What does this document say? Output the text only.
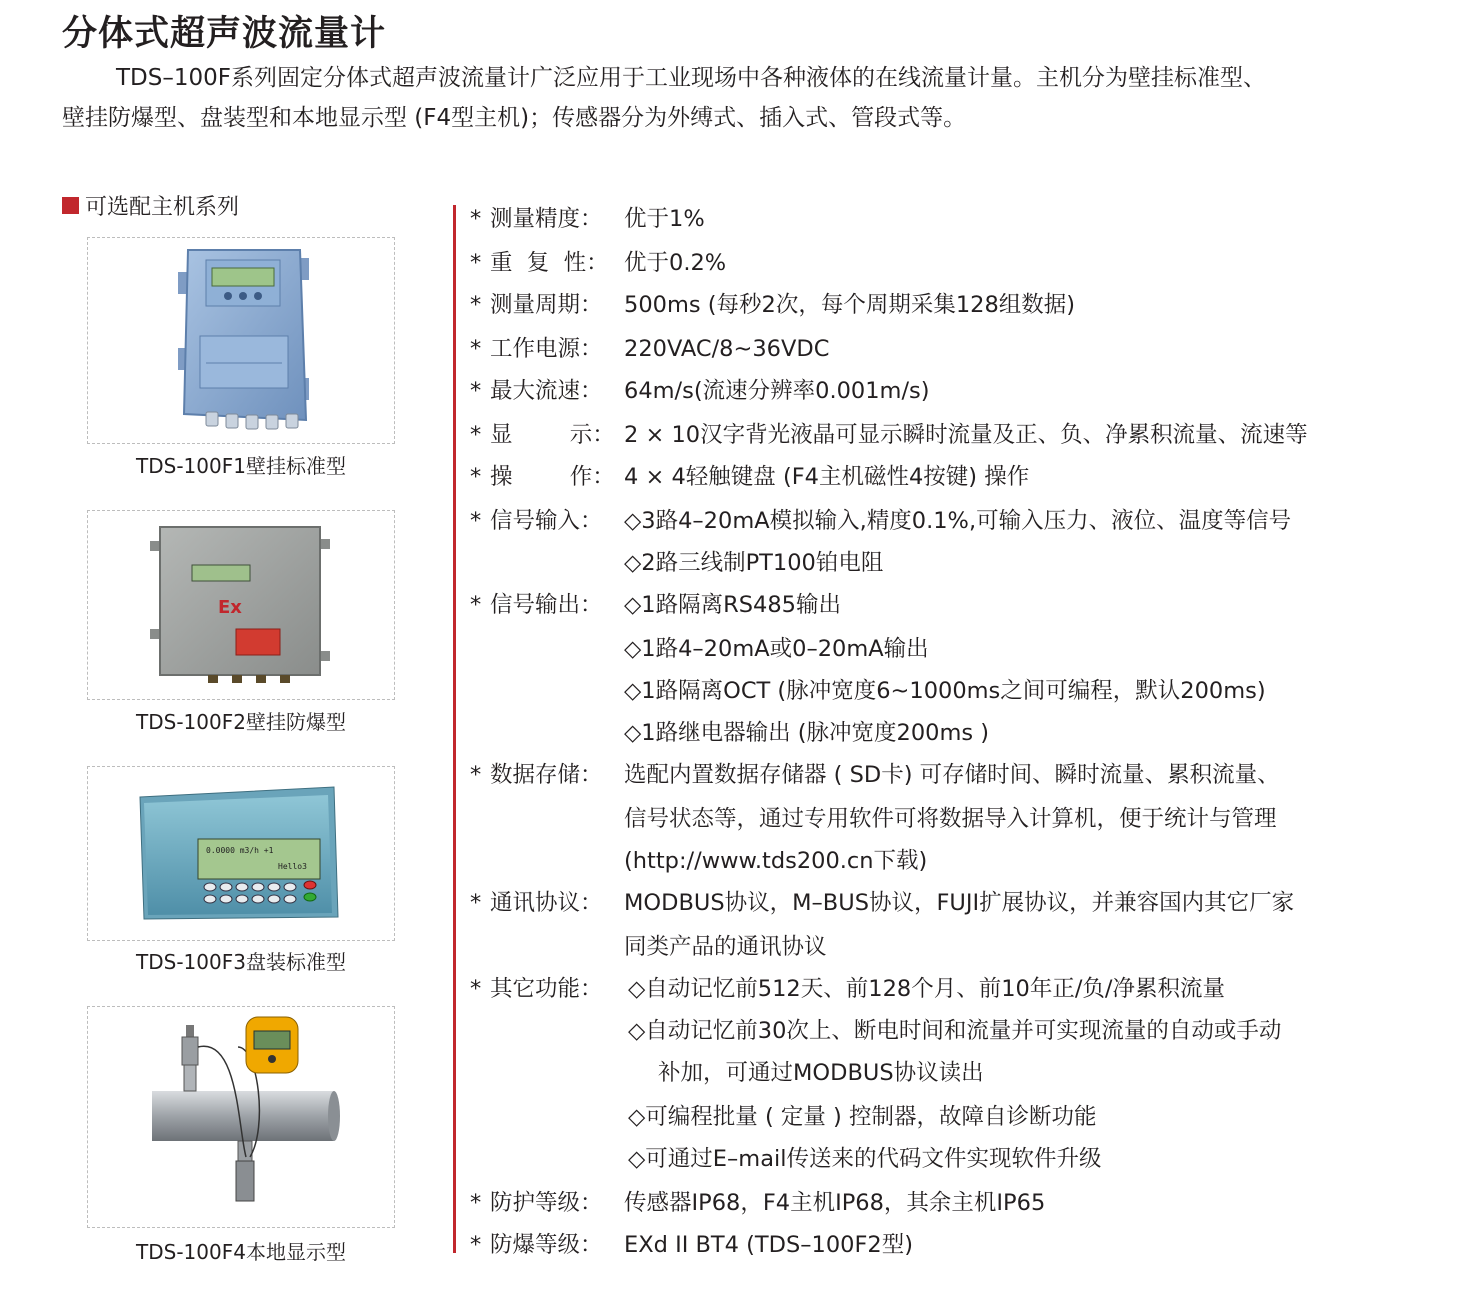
分体式超声波流量计

TDS–100F系列固定分体式超声波流量计广泛应用于工业现场中各种液体的在线流量计量。主机分为壁挂标准型、
壁挂防爆型、盘装型和本地显示型 (F4型主机)；传感器分为外缚式、插入式、管段式等。

可选配主机系列
TDS-100F1壁挂标准型
Ex
TDS-100F2壁挂防爆型
0.0000 m3/h +1
Hello3
TDS-100F3盘装标准型
TDS-100F4本地显示型
* 测量精度： 优于1%
* 重  复  性： 优于0.2%
* 测量周期： 500ms (每秒2次，每个周期采集128组数据)
* 工作电源： 220VAC/8~36VDC
* 最大流速： 64m/s(流速分辨率0.001m/s)
* 显        示： 2 × 10汉字背光液晶可显示瞬时流量及正、负、净累积流量、流速等
* 操        作： 4 × 4轻触键盘 (F4主机磁性4按键) 操作
* 信号输入： ◇3路4–20mA模拟输入,精度0.1%,可输入压力、液位、温度等信号
◇2路三线制PT100铂电阻
* 信号输出： ◇1路隔离RS485输出
◇1路4–20mA或0–20mA输出
◇1路隔离OCT (脉冲宽度6~1000ms之间可编程，默认200ms)
◇1路继电器输出 (脉冲宽度200ms )
* 数据存储： 选配内置数据存储器 ( SD卡) 可存储时间、瞬时流量、累积流量、
信号状态等，通过专用软件可将数据导入计算机，便于统计与管理
(http://www.tds200.cn下载)
* 通讯协议： MODBUS协议，M–BUS协议，FUJI扩展协议，并兼容国内其它厂家
同类产品的通讯协议
* 其它功能： ◇自动记忆前512天、前128个月、前10年正/负/净累积流量
◇自动记忆前30次上、断电时间和流量并可实现流量的自动或手动
补加，可通过MODBUS协议读出
◇可编程批量 ( 定量 ) 控制器，故障自诊断功能
◇可通过E–mail传送来的代码文件实现软件升级
* 防护等级： 传感器IP68，F4主机IP68，其余主机IP65
* 防爆等级： EXd II BT4 (TDS–100F2型)
